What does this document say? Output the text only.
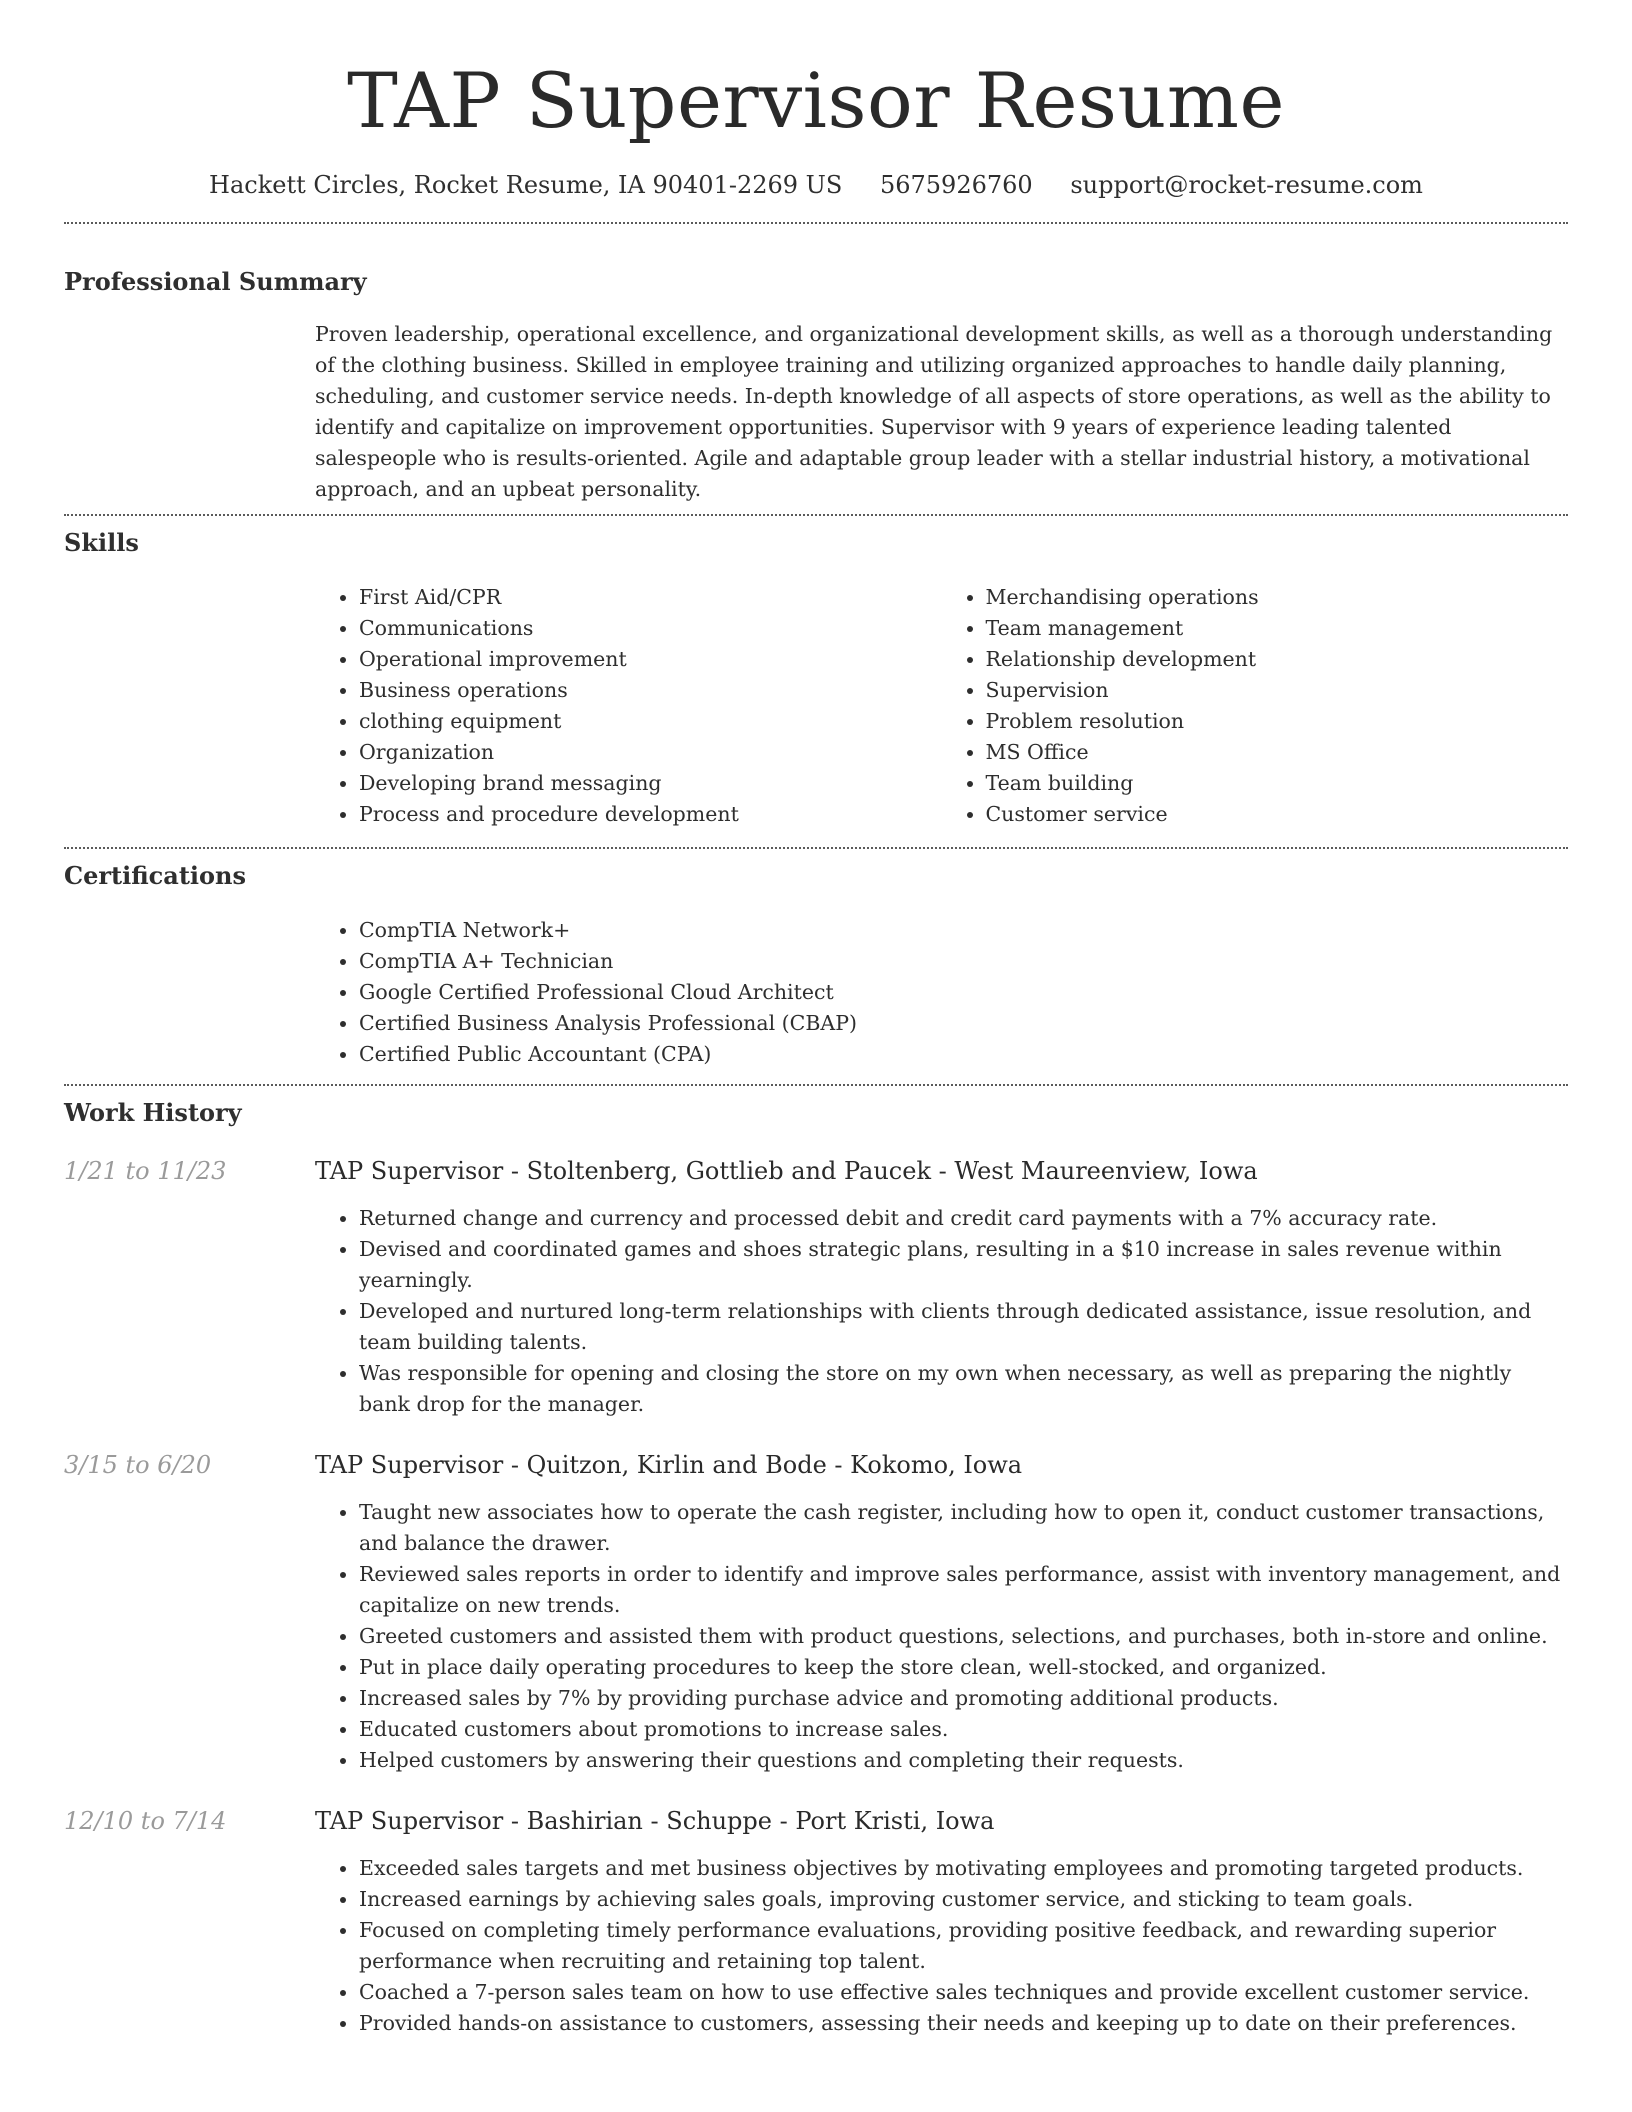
TAP Supervisor Resume
Hackett Circles, Rocket Resume, IA 90401-2269 US 5675926760 support@rocket-resume.com
Professional Summary

Proven leadership, operational excellence, and organizational development skills, as well as a thorough understanding of the clothing business. Skilled in employee training and utilizing organized approaches to handle daily planning, scheduling, and customer service needs. In-depth knowledge of all aspects of store operations, as well as the ability to identify and capitalize on improvement opportunities. Supervisor with 9 years of experience leading talented salespeople who is results-oriented. Agile and adaptable group leader with a stellar industrial history, a motivational approach, and an upbeat personality.

Skills
• First Aid/CPR
• Communications
• Operational improvement
• Business operations
• clothing equipment
• Organization
• Developing brand messaging
• Process and procedure development
• Merchandising operations
• Team management
• Relationship development
• Supervision
• Problem resolution
• MS Office
• Team building
• Customer service
Certifications
• CompTIA Network+
• CompTIA A+ Technician
• Google Certified Professional Cloud Architect
• Certified Business Analysis Professional (CBAP)
• Certified Public Accountant (CPA)
Work History
1/21 to 11/23	TAP Supervisor - Stoltenberg, Gottlieb and Paucek - West Maureenview, Iowa
• Returned change and currency and processed debit and credit card payments with a 7% accuracy rate.
• Devised and coordinated games and shoes strategic plans, resulting in a $10 increase in sales revenue within yearningly.
• Developed and nurtured long-term relationships with clients through dedicated assistance, issue resolution, and team building talents.
• Was responsible for opening and closing the store on my own when necessary, as well as preparing the nightly bank drop for the manager.
3/15 to 6/20	TAP Supervisor - Quitzon, Kirlin and Bode - Kokomo, Iowa
• Taught new associates how to operate the cash register, including how to open it, conduct customer transactions, and balance the drawer.
• Reviewed sales reports in order to identify and improve sales performance, assist with inventory management, and capitalize on new trends.
• Greeted customers and assisted them with product questions, selections, and purchases, both in-store and online.
• Put in place daily operating procedures to keep the store clean, well-stocked, and organized.
• Increased sales by 7% by providing purchase advice and promoting additional products.
• Educated customers about promotions to increase sales.
• Helped customers by answering their questions and completing their requests.
12/10 to 7/14	TAP Supervisor - Bashirian - Schuppe - Port Kristi, Iowa
• Exceeded sales targets and met business objectives by motivating employees and promoting targeted products.
• Increased earnings by achieving sales goals, improving customer service, and sticking to team goals.
• Focused on completing timely performance evaluations, providing positive feedback, and rewarding superior performance when recruiting and retaining top talent.
• Coached a 7-person sales team on how to use effective sales techniques and provide excellent customer service.
• Provided hands-on assistance to customers, assessing their needs and keeping up to date on their preferences.
